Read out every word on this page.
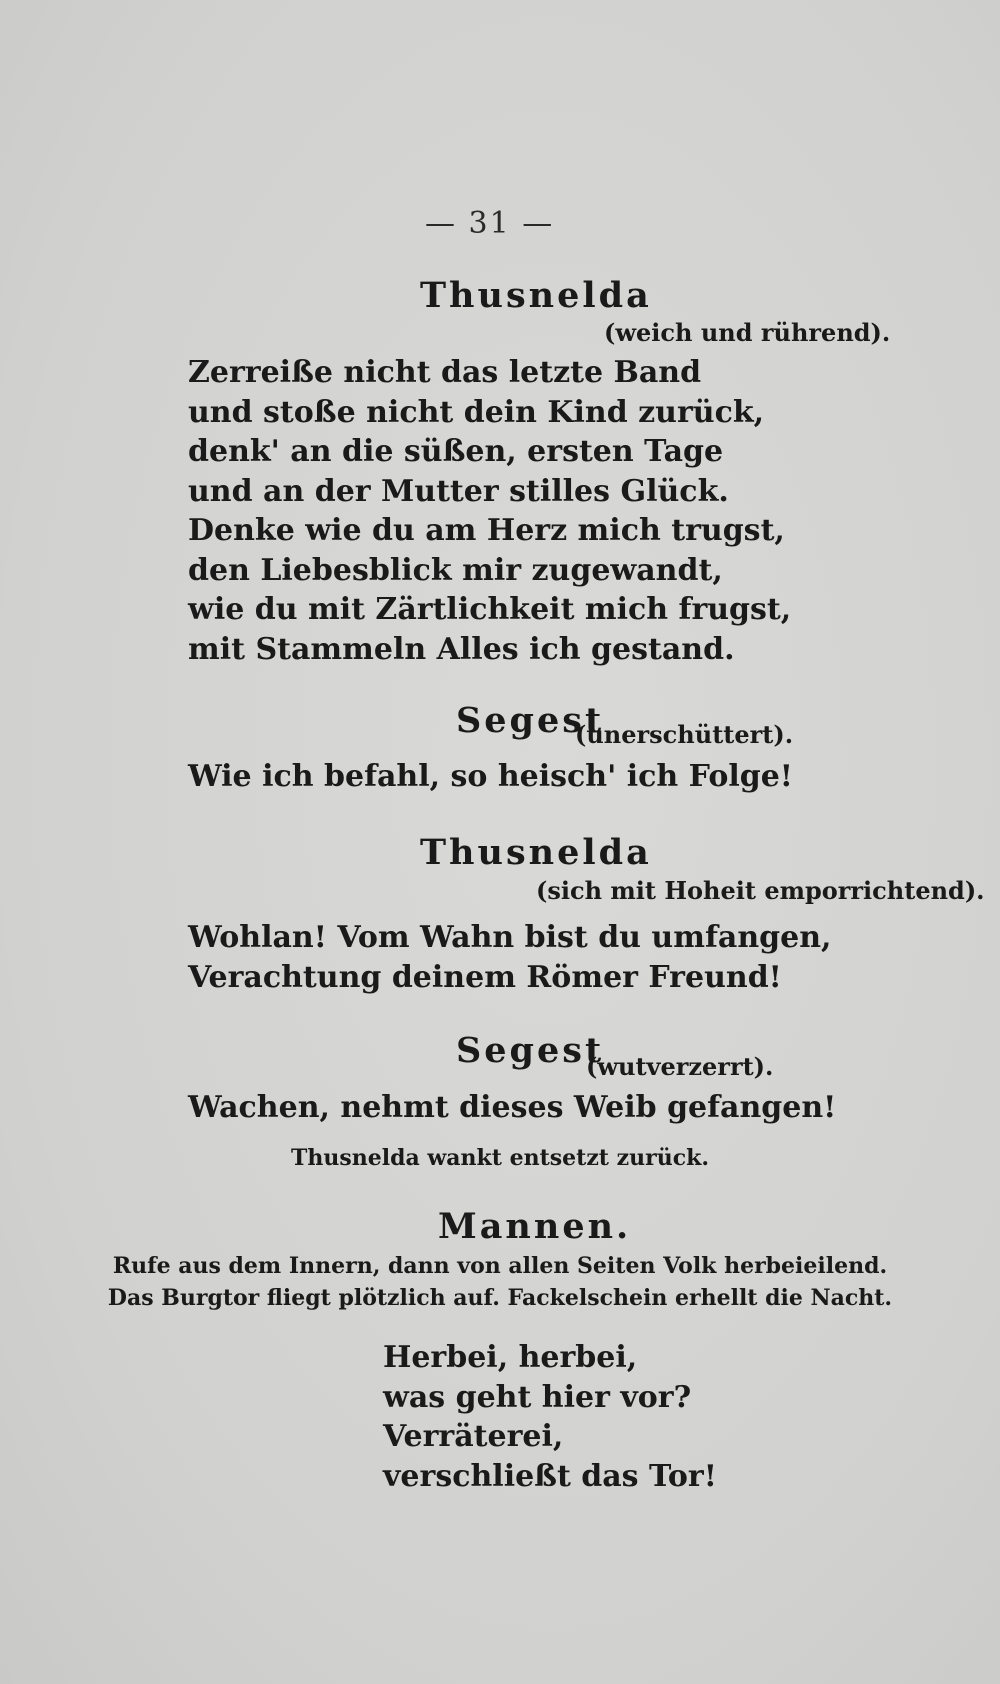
— 31 —
Thusnelda
(weich und rührend).
Zerreiße nicht das letzte Band
und stoße nicht dein Kind zurück,
denk' an die süßen, ersten Tage
und an der Mutter stilles Glück.
Denke wie du am Herz mich trugst,
den Liebesblick mir zugewandt,
wie du mit Zärtlichkeit mich frugst,
mit Stammeln Alles ich gestand.
Segest
(unerschüttert).
Wie ich befahl, so heisch' ich Folge!
Thusnelda
(sich mit Hoheit emporrichtend).
Wohlan! Vom Wahn bist du umfangen,
Verachtung deinem Römer Freund!
Segest
(wutverzerrt).
Wachen, nehmt dieses Weib gefangen!
Thusnelda wankt entsetzt zurück.
Mannen.
Rufe aus dem Innern, dann von allen Seiten Volk herbeieilend.
Das Burgtor fliegt plötzlich auf. Fackelschein erhellt die Nacht.
Herbei, herbei,
was geht hier vor?
Verräterei,
verschließt das Tor!
